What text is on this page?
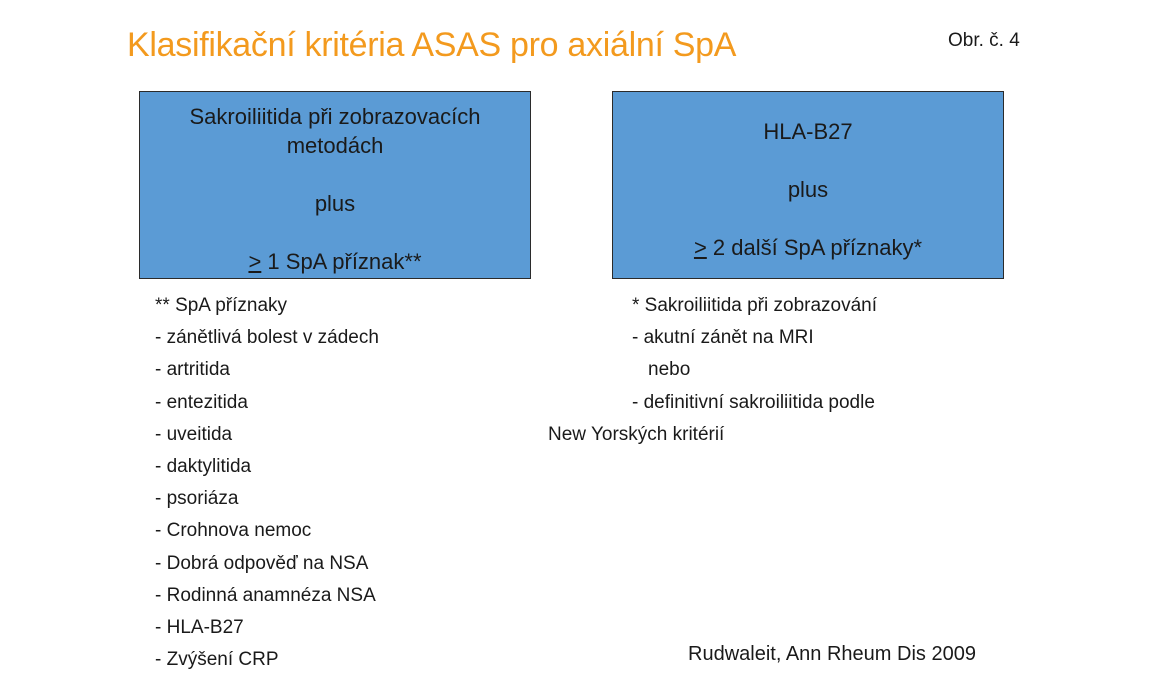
Klasifikační kritéria ASAS pro axiální SpA	Obr. č. 4
Sakroiliitida při zobrazovacích
metodách
plus
≥ 1 SpA příznak**
HLA-B27
plus
≥ 2 další SpA příznaky*
** SpA příznaky
- zánětlivá bolest v zádech
- artritida
- entezitida
- uveitida
- daktylitida
- psoriáza
- Crohnova nemoc
- Dobrá odpověď na NSA
- Rodinná anamnéza NSA
- HLA-B27
- Zvýšení CRP
* Sakroiliitida při zobrazování
- akutní zánět na MRI
nebo
- definitivní sakroiliitida podle
New Yorských kritérií
Rudwaleit, Ann Rheum Dis 2009
